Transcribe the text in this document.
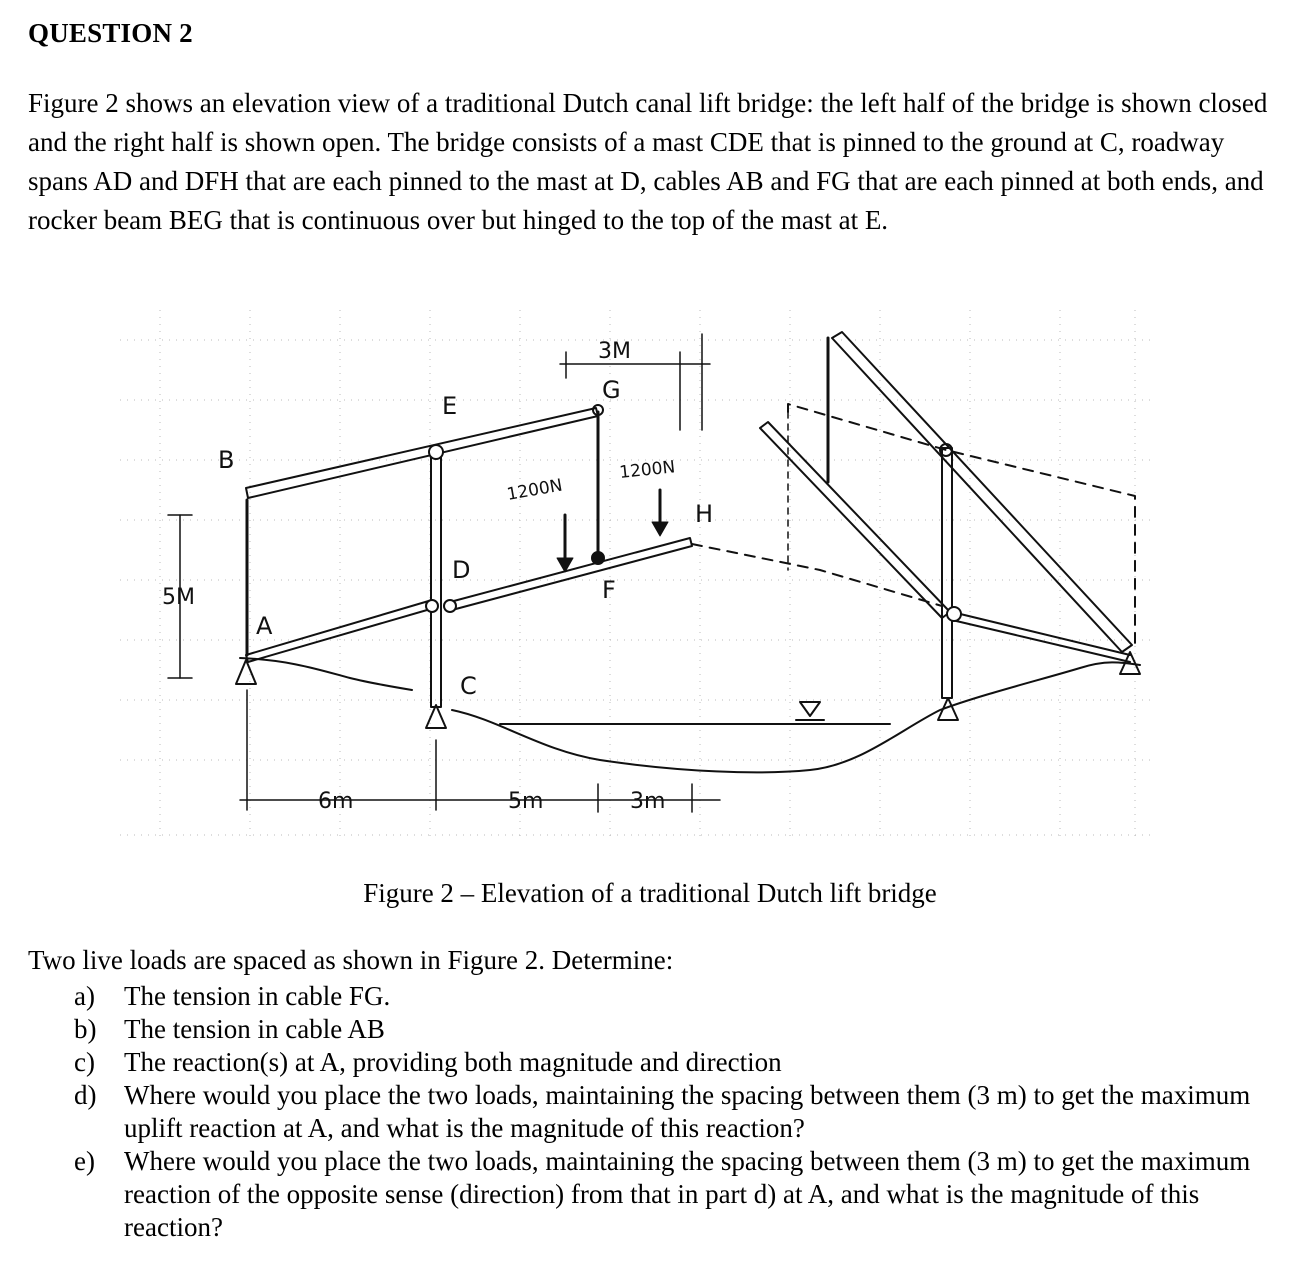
QUESTION 2
Figure 2 shows an elevation view of a traditional Dutch canal lift bridge: the left half of the bridge is shown closed and the right half is shown open. The bridge consists of a mast CDE that is pinned to the ground at C, roadway spans AD and DFH that are each pinned to the mast at D, cables AB and FG that are each pinned at both ends, and rocker beam BEG that is continuous over but hinged to the top of the mast at E.
B
E
G
D
F
H
A
C
1200N
1200N
5M
3M
6m	5m	3m
Figure 2 – Elevation of a traditional Dutch lift bridge
Two live loads are spaced as shown in Figure 2. Determine:
a)	The tension in cable FG.
b)	The tension in cable AB
c)	The reaction(s) at A, providing both magnitude and direction
d)	Where would you place the two loads, maintaining the spacing between them (3 m) to get the maximum uplift reaction at A, and what is the magnitude of this reaction?
e)	Where would you place the two loads, maintaining the spacing between them (3 m) to get the maximum reaction of the opposite sense (direction) from that in part d) at A, and what is the magnitude of this reaction?
